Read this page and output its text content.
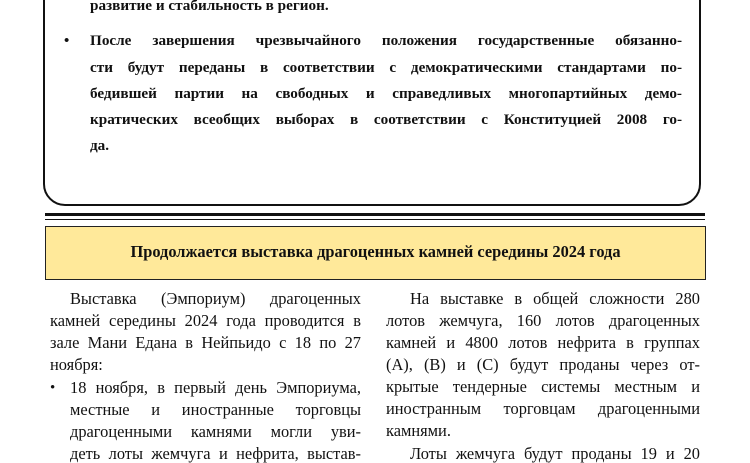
развитие и стабильность в регион.
• После завершения чрезвычайного положения государственные обязанно-
сти будут переданы в соответствии с демократическими стандартами по-
бедившей партии на свободных и справедливых многопартийных демо-
кратических всеобщих выборах в соответствии с Конституцией 2008 го-
да.
Продолжается выставка драгоценных камней середины 2024 года
Выставка (Эмпориум) драгоценных
камней середины 2024 года проводится в
зале Мани Едана в Нейпьидо с 18 по 27
ноября:
• 18 ноября, в первый день Эмпориума,
местные и иностранные торговцы
драгоценными камнями могли уви-
деть лоты жемчуга и нефрита, выстав-
На выставке в общей сложности 280
лотов жемчуга, 160 лотов драгоценных
камней и 4800 лотов нефрита в группах
(A), (B) и (C) будут проданы через от-
крытые тендерные системы местным и
иностранным торговцам драгоценными
камнями.
Лоты жемчуга будут проданы 19 и 20
